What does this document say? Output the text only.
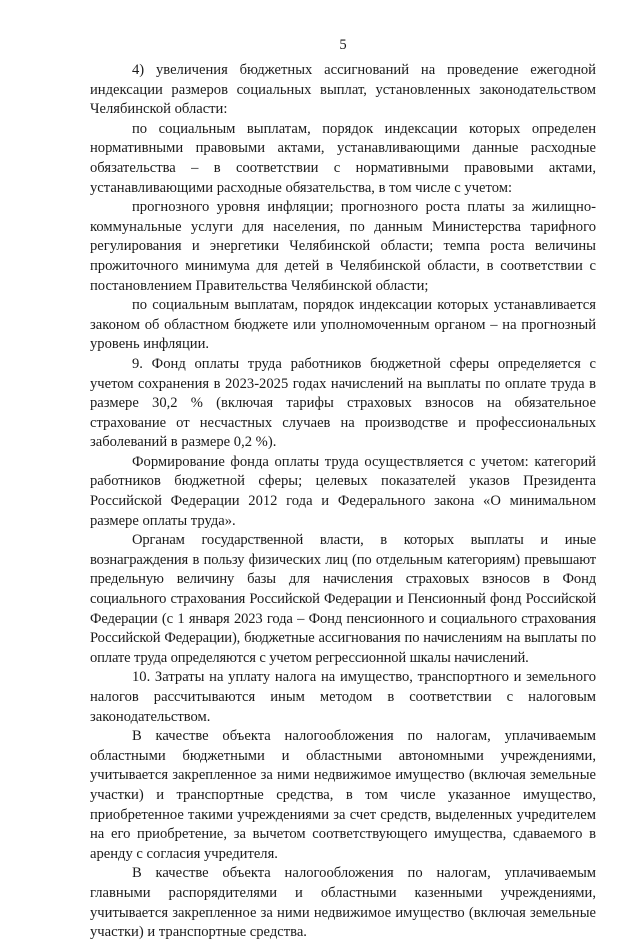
5

4) увеличения бюджетных ассигнований на проведение ежегодной индексации размеров социальных выплат, установленных законодательством Челябинской области:

по социальным выплатам, порядок индексации которых определен нормативными правовыми актами, устанавливающими данные расходные обязательства – в соответствии с нормативными правовыми актами, устанавливающими расходные обязательства, в том числе с учетом:

прогнозного уровня инфляции; прогнозного роста платы за жилищно-коммунальные услуги для населения, по данным Министерства тарифного регулирования и энергетики Челябинской области; темпа роста величины прожиточного минимума для детей в Челябинской области, в соответствии с постановлением Правительства Челябинской области;

по социальным выплатам, порядок индексации которых устанавливается законом об областном бюджете или уполномоченным органом – на прогнозный уровень инфляции.

9. Фонд оплаты труда работников бюджетной сферы определяется с учетом сохранения в 2023-2025 годах начислений на выплаты по оплате труда в размере 30,2 % (включая тарифы страховых взносов на обязательное страхование от несчастных случаев на производстве и профессиональных заболеваний в размере 0,2 %).

Формирование фонда оплаты труда осуществляется с учетом: категорий работников бюджетной сферы; целевых показателей указов Президента Российской Федерации 2012 года и Федерального закона «О минимальном размере оплаты труда».

Органам государственной власти, в которых выплаты и иные вознаграждения в пользу физических лиц (по отдельным категориям) превышают предельную величину базы для начисления страховых взносов в Фонд социального страхования Российской Федерации и Пенсионный фонд Российской Федерации (с 1 января 2023 года – Фонд пенсионного и социального страхования Российской Федерации), бюджетные ассигнования по начислениям на выплаты по оплате труда определяются с учетом регрессионной шкалы начислений.

10. Затраты на уплату налога на имущество, транспортного и земельного налогов рассчитываются иным методом в соответствии с налоговым законодательством.

В качестве объекта налогообложения по налогам, уплачиваемым областными бюджетными и областными автономными учреждениями, учитывается закрепленное за ними недвижимое имущество (включая земельные участки) и транспортные средства, в том числе указанное имущество, приобретенное такими учреждениями за счет средств, выделенных учредителем на его приобретение, за вычетом соответствующего имущества, сдаваемого в аренду с согласия учредителя.

В качестве объекта налогообложения по налогам, уплачиваемым главными распорядителями и областными казенными учреждениями, учитывается закрепленное за ними недвижимое имущество (включая земельные участки) и транспортные средства.
